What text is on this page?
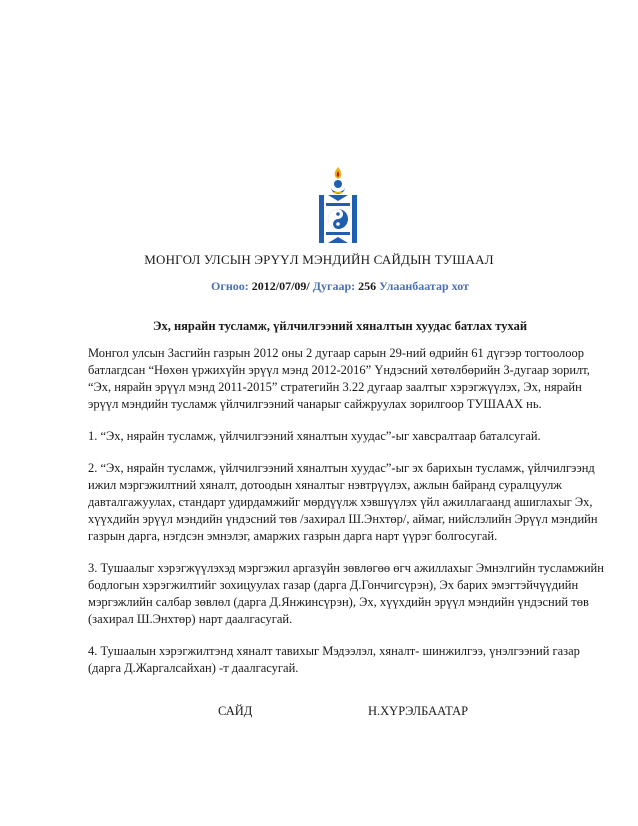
МОНГОЛ УЛСЫН ЭРҮҮЛ МЭНДИЙН САЙДЫН ТУШААЛ
Огноо: 2012/07/09/ Дугаар: 256 Улаанбаатар хот
Эх, нярайн тусламж, үйлчилгээний хяналтын хуудас батлах тухай

Монгол улсын Засгийн газрын 2012 оны 2 дугаар сарын 29-ний өдрийн 61 дүгээр тогтоолоор батлагдсан “Нөхөн үржихүйн эрүүл мэнд 2012-2016” Үндэсний хөтөлбөрийн 3-дугаар зорилт, “Эх, нярайн эрүүл мэнд 2011-2015” стратегийн 3.22 дугаар заалтыг хэрэгжүүлэх, Эх, нярайн эрүүл мэндийн тусламж үйлчилгээний чанарыг сайжруулах зорилгоор ТУШААХ нь.

1. “Эх, нярайн тусламж, үйлчилгээний хяналтын хуудас”-ыг хавсралтаар баталсугай.

2. “Эх, нярайн тусламж, үйлчилгээний хяналтын хуудас”-ыг эх барихын тусламж, үйлчилгээнд ижил мэргэжилтний хяналт, дотоодын хяналтыг нэвтрүүлэх, ажлын байранд суралцуулж давталгажуулах, стандарт удирдамжийг мөрдүүлж хэвшүүлэх үйл ажиллагаанд ашиглахыг Эх, хүүхдийн эрүүл мэндийн үндэсний төв /захирал Ш.Энхтөр/, аймаг, нийслэлийн Эрүүл мэндийн газрын дарга, нэгдсэн эмнэлэг, амаржих газрын дарга нарт үүрэг болгосугай.

3. Тушаалыг хэрэгжүүлэхэд мэргэжил аргазүйн зөвлөгөө өгч ажиллахыг Эмнэлгийн тусламжийн бодлогын хэрэгжилтийг зохицуулах газар (дарга Д.Гончигсүрэн), Эх барих эмэгтэйчүүдийн мэргэжлийн салбар зөвлөл (дарга Д.Янжинсүрэн), Эх, хүүхдийн эрүүл мэндийн үндэсний төв (захирал Ш.Энхтөр) нарт даалгасугай.

4. Тушаалын хэрэгжилтэнд хяналт тавихыг Мэдээлэл, хяналт- шинжилгээ, үнэлгээний газар (дарга Д.Жаргалсайхан) -т даалгасугай.

САЙД	Н.ХҮРЭЛБААТАР
